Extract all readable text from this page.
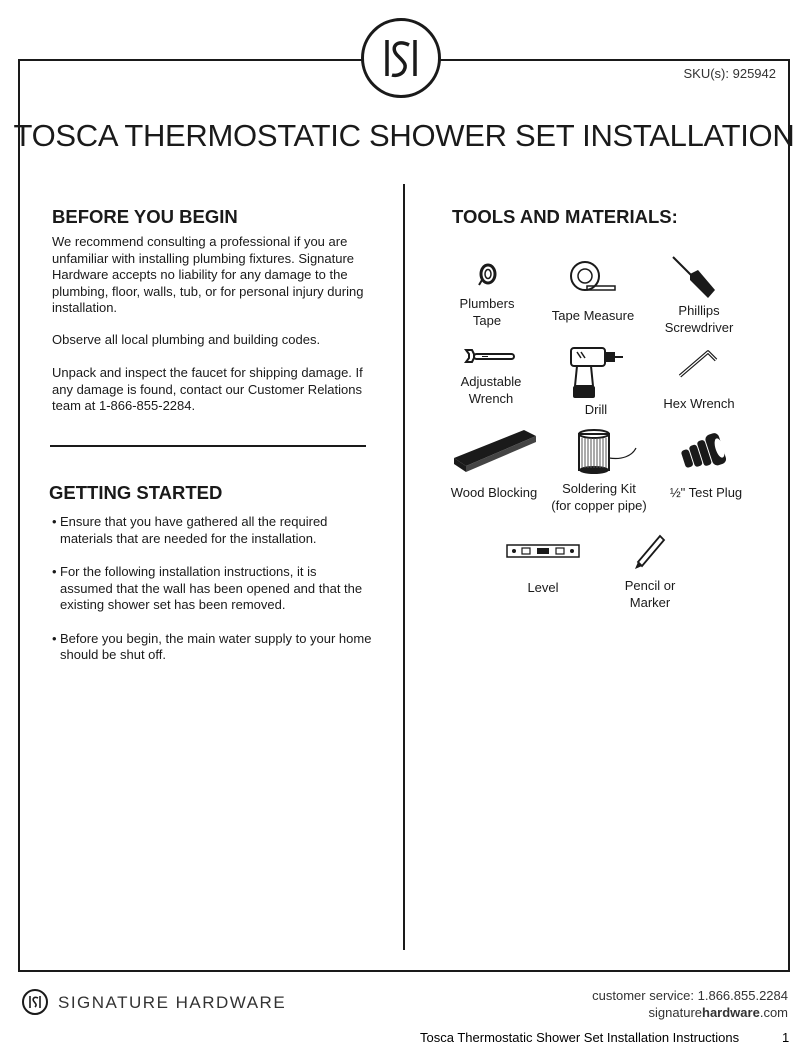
SKU(s): 925942
TOSCA THERMOSTATIC SHOWER SET INSTALLATION
BEFORE YOU BEGIN

We recommend consulting a professional if you are unfamiliar with installing plumbing fixtures. Signature Hardware accepts no liability for any damage to the plumbing, floor, walls, tub, or for personal injury during installation.

Observe all local plumbing and building codes.

Unpack and inspect the faucet for shipping damage. If any damage is found, contact our Customer Relations team at 1-866-855-2284.

GETTING STARTED
• Ensure that you have gathered all the required materials that are needed for the installation.
• For the following installation instructions, it is assumed that the wall has been opened and that the existing shower set has been removed.
• Before you begin, the main water supply to your home should be shut off.
TOOLS AND MATERIALS:
Plumbers
Tape	Tape Measure	Phillips
Screwdriver
Adjustable
Wrench
Drill	Hex Wrench
Wood Blocking	Soldering Kit
(for copper pipe)
½" Test Plug
Level	Pencil or
Marker
SIGNATURE HARDWARE	customer service: 1.866.855.2284
signaturehardware.com
Tosca Thermostatic Shower Set Installation Instructions	1
